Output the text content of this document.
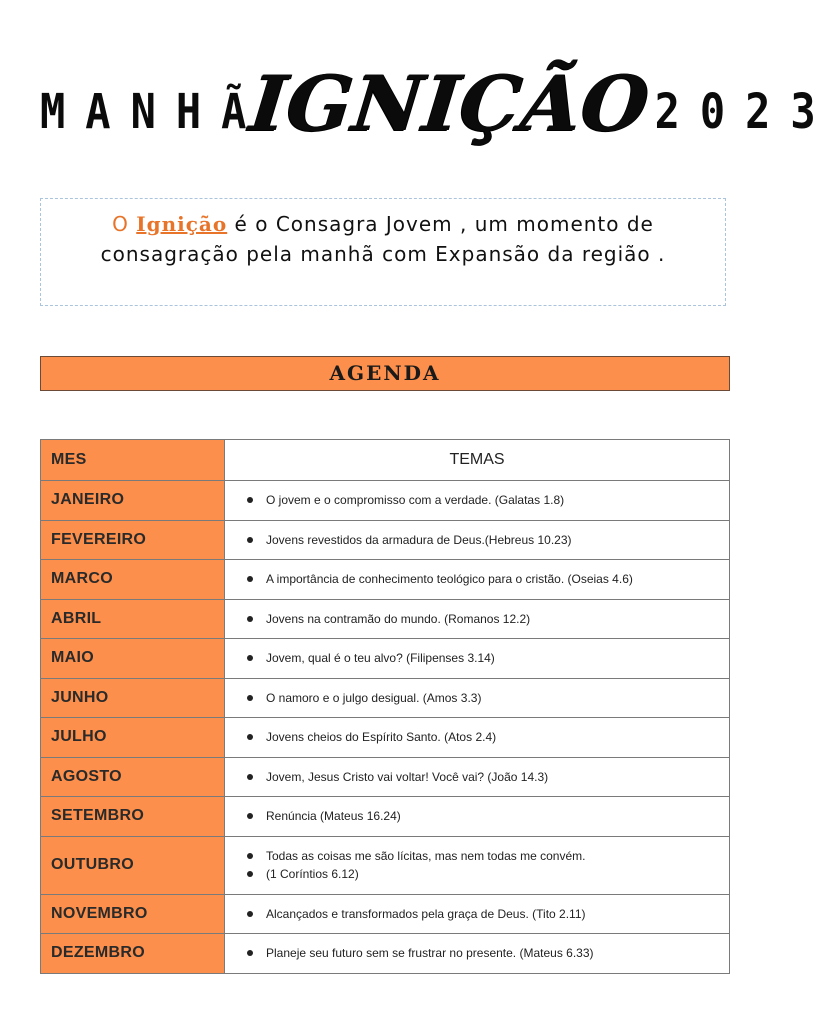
MANHÃ
IGNIÇÃO 2023
O Ignição é o Consagra Jovem , um momento de
consagração pela manhã com Expansão da região .
AGENDA
MES	TEMAS
JANEIRO	O jovem e o compromisso com a verdade. (Galatas 1.8)

FEVEREIRO	Jovens revestidos da armadura de Deus.(Hebreus 10.23)

MARCO	A importância de conhecimento teológico para o cristão. (Oseias 4.6)

ABRIL	Jovens na contramão do mundo. (Romanos 12.2)

MAIO	Jovem, qual é o teu alvo? (Filipenses 3.14)

JUNHO	O namoro e o julgo desigual. (Amos 3.3)

JULHO	Jovens cheios do Espírito Santo. (Atos 2.4)

AGOSTO	Jovem, Jesus Cristo vai voltar! Você vai? (João 14.3)

SETEMBRO	Renúncia (Mateus 16.24)

OUTUBRO	Todas as coisas me são lícitas, mas nem todas me convém.
(1 Coríntios 6.12)

NOVEMBRO	Alcançados e transformados pela graça de Deus. (Tito 2.11)

DEZEMBRO	Planeje seu futuro sem se frustrar no presente. (Mateus 6.33)
